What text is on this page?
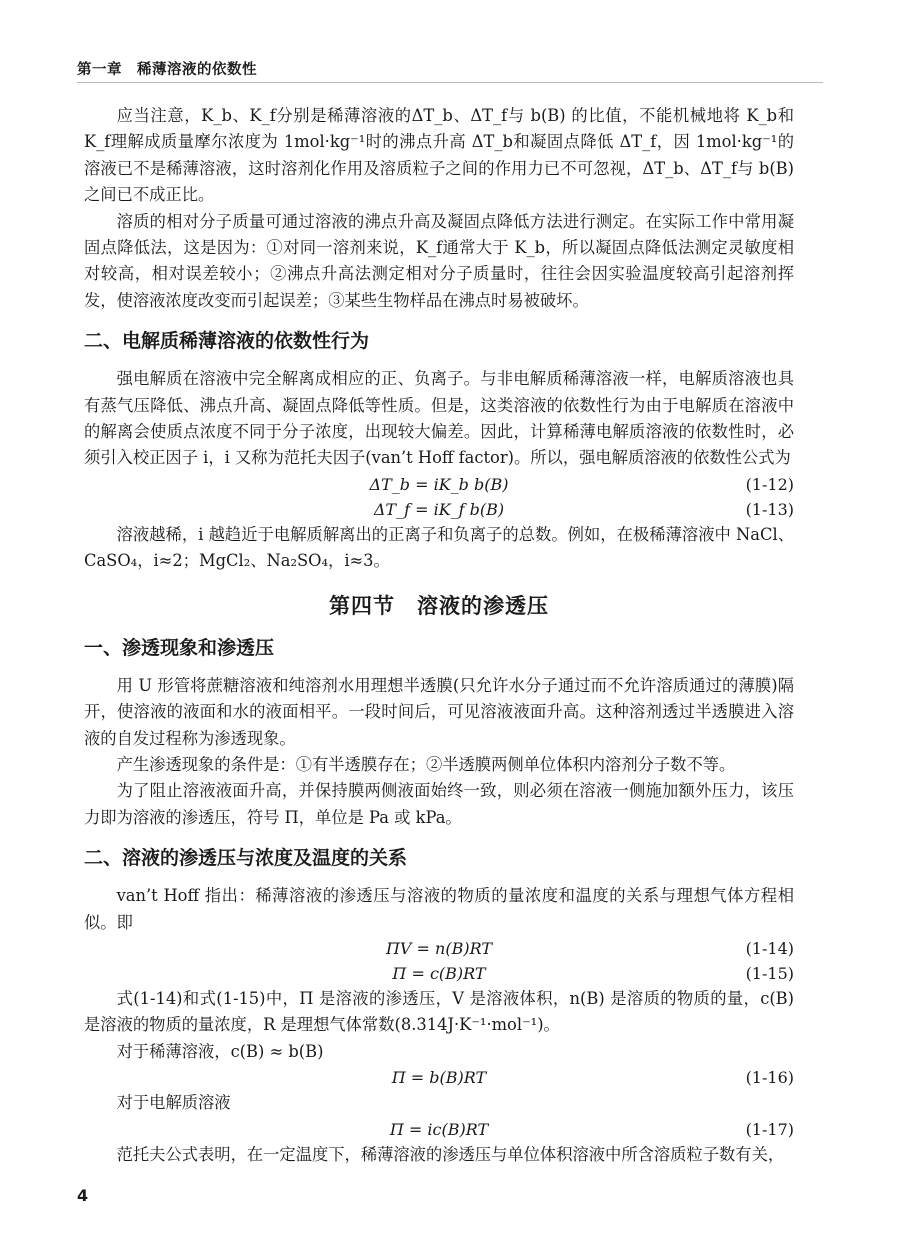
第一章　稀薄溶液的依数性

应当注意，K_b、K_f分别是稀薄溶液的ΔT_b、ΔT_f与 b(B) 的比值，不能机械地将 K_b和 K_f理解成质量摩尔浓度为 1mol·kg⁻¹时的沸点升高 ΔT_b和凝固点降低 ΔT_f，因 1mol·kg⁻¹的溶液已不是稀薄溶液，这时溶剂化作用及溶质粒子之间的作用力已不可忽视，ΔT_b、ΔT_f与 b(B) 之间已不成正比。

溶质的相对分子质量可通过溶液的沸点升高及凝固点降低方法进行测定。在实际工作中常用凝固点降低法，这是因为：①对同一溶剂来说，K_f通常大于 K_b，所以凝固点降低法测定灵敏度相对较高，相对误差较小；②沸点升高法测定相对分子质量时，往往会因实验温度较高引起溶剂挥发，使溶液浓度改变而引起误差；③某些生物样品在沸点时易被破坏。

二、电解质稀薄溶液的依数性行为

强电解质在溶液中完全解离成相应的正、负离子。与非电解质稀薄溶液一样，电解质溶液也具有蒸气压降低、沸点升高、凝固点降低等性质。但是，这类溶液的依数性行为由于电解质在溶液中的解离会使质点浓度不同于分子浓度，出现较大偏差。因此，计算稀薄电解质溶液的依数性时，必须引入校正因子 i，i 又称为范托夫因子(van’t Hoff factor)。所以，强电解质溶液的依数性公式为

ΔT_b = iK_b b(B)	(1-12)
ΔT_f = iK_f b(B)	(1-13)

溶液越稀，i 越趋近于电解质解离出的正离子和负离子的总数。例如，在极稀薄溶液中 NaCl、CaSO₄，i≈2；MgCl₂、Na₂SO₄，i≈3。

第四节　溶液的渗透压
一、渗透现象和渗透压

用 U 形管将蔗糖溶液和纯溶剂水用理想半透膜(只允许水分子通过而不允许溶质通过的薄膜)隔开，使溶液的液面和水的液面相平。一段时间后，可见溶液液面升高。这种溶剂透过半透膜进入溶液的自发过程称为渗透现象。

产生渗透现象的条件是：①有半透膜存在；②半透膜两侧单位体积内溶剂分子数不等。

为了阻止溶液液面升高，并保持膜两侧液面始终一致，则必须在溶液一侧施加额外压力，该压力即为溶液的渗透压，符号 Π，单位是 Pa 或 kPa。

二、溶液的渗透压与浓度及温度的关系

van’t Hoff 指出：稀薄溶液的渗透压与溶液的物质的量浓度和温度的关系与理想气体方程相似。即

ΠV = n(B)RT	(1-14)
Π = c(B)RT	(1-15)

式(1-14)和式(1-15)中，Π 是溶液的渗透压，V 是溶液体积，n(B) 是溶质的物质的量，c(B) 是溶液的物质的量浓度，R 是理想气体常数(8.314J·K⁻¹·mol⁻¹)。

对于稀薄溶液，c(B) ≈ b(B)

Π = b(B)RT	(1-16)

对于电解质溶液

Π = ic(B)RT	(1-17)

范托夫公式表明，在一定温度下，稀薄溶液的渗透压与单位体积溶液中所含溶质粒子数有关，

4
